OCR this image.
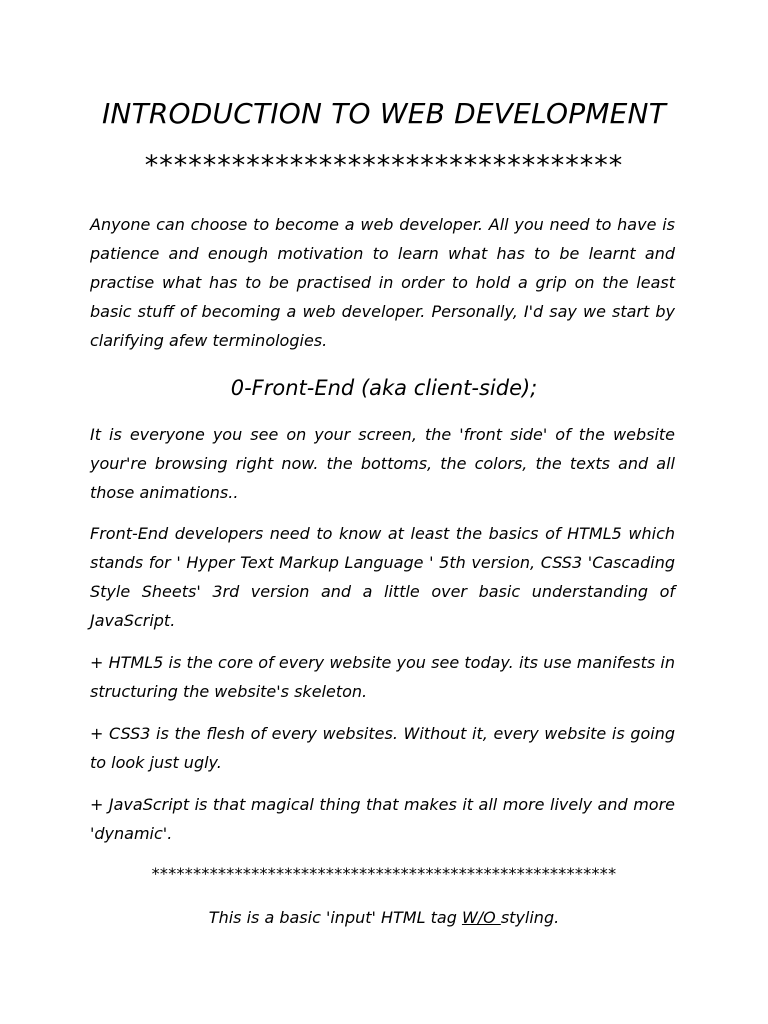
INTRODUCTION TO WEB DEVELOPMENT
*********************************

Anyone can choose to become a web developer. All you need to have is patience and enough motivation to learn what has to be learnt and practise what has to be practised in order to hold a grip on the least basic stuff of becoming a web developer. Personally, I'd say we start by clarifying afew terminologies.

0-Front-End (aka client-side);

It is everyone you see on your screen, the 'front side' of the website your're browsing right now. the bottoms, the colors, the texts and all those animations..

Front-End developers need to know at least the basics of HTML5 which stands for ' Hyper Text Markup Language ' 5th version, CSS3 'Cascading Style Sheets' 3rd version and a little over basic understanding of JavaScript.

+ HTML5 is the core of every website you see today. its use manifests in structuring the website's skeleton.

+ CSS3 is the flesh of every websites. Without it, every website is going to look just ugly.

+ JavaScript is that magical thing that makes it all more lively and more 'dynamic'.

********************************************************
This is a basic 'input' HTML tag W/O styling.
